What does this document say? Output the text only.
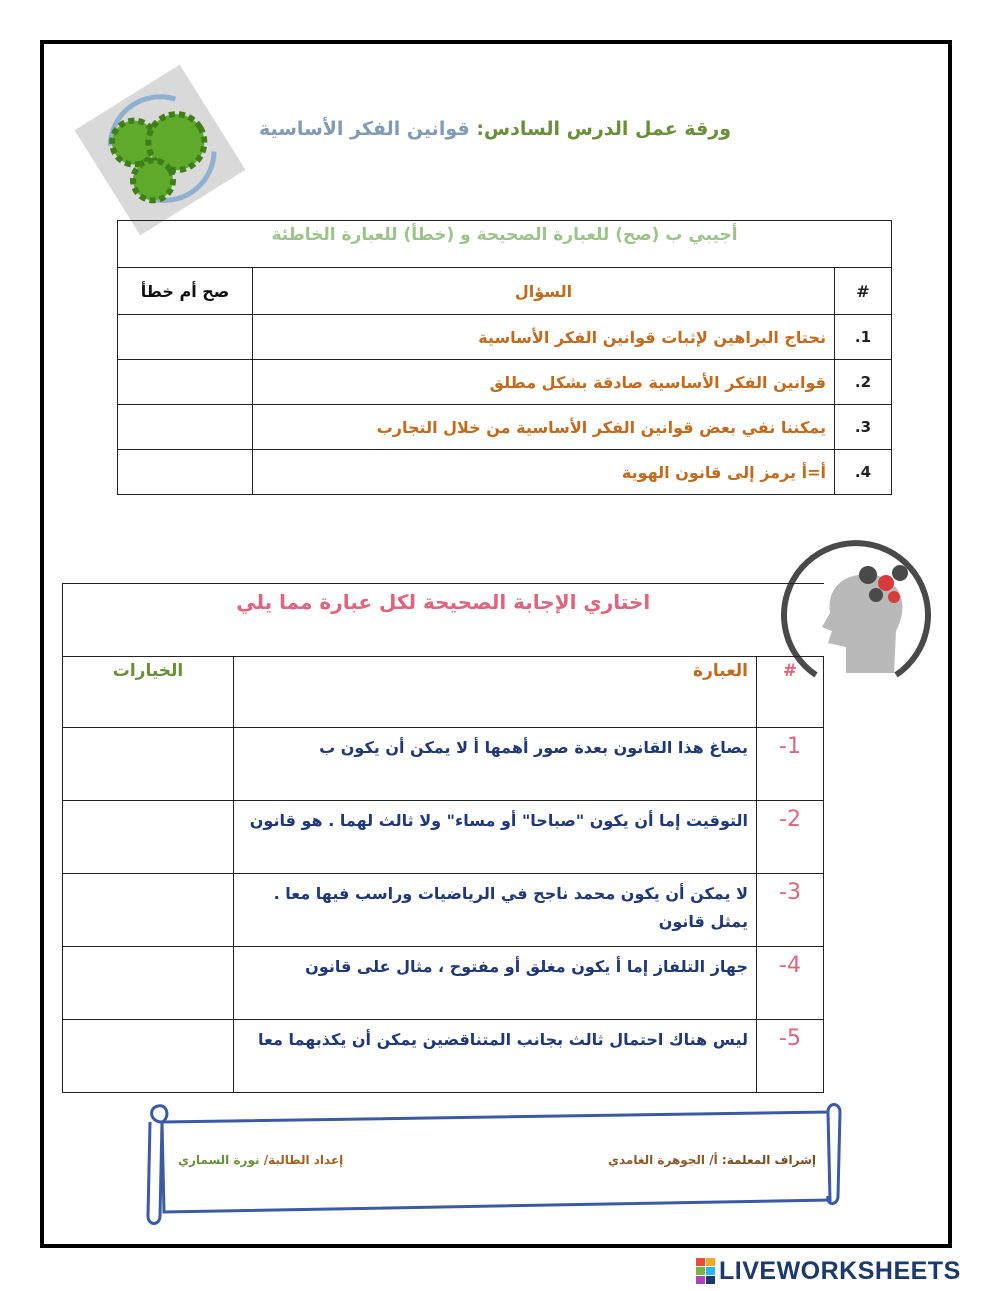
ورقة عمل الدرس السادس: قوانين الفكر الأساسية
أجيبي ب (صح) للعبارة الصحيحة و (خطأ) للعبارة الخاطئة		
#	السؤال	صح أم خطأ
1.	نحتاج البراهين لإثبات قوانين الفكر الأساسية	
2.	قوانين الفكر الأساسية صادقة بشكل مطلق	
3.	يمكننا نفي بعض قوانين الفكر الأساسية من خلال التجارب	
4.	أ=أ يرمز إلى قانون الهوية	
اختاري الإجابة الصحيحة لكل عبارة مما يلي		
#	العبارة	الخيارات
1-	يصاغ هذا القانون بعدة صور أهمها أ لا يمكن أن يكون ب	
2-	التوقيت إما أن يكون "صباحا" أو مساء" ولا ثالث لهما . هو قانون	
3-	لا يمكن أن يكون محمد ناجح في الرياضيات وراسب فيها معا . يمثل قانون	
4-	جهاز التلفاز إما أ يكون مغلق أو مفتوح ، مثال على قانون	
5-	ليس هناك احتمال ثالث بجانب المتناقضين يمكن أن يكذبهما معا	
إشراف المعلمة: أ/ الجوهرة الغامدي
إعداد الطالبة/ نورة السماري
LIVEWORKSHEETS
